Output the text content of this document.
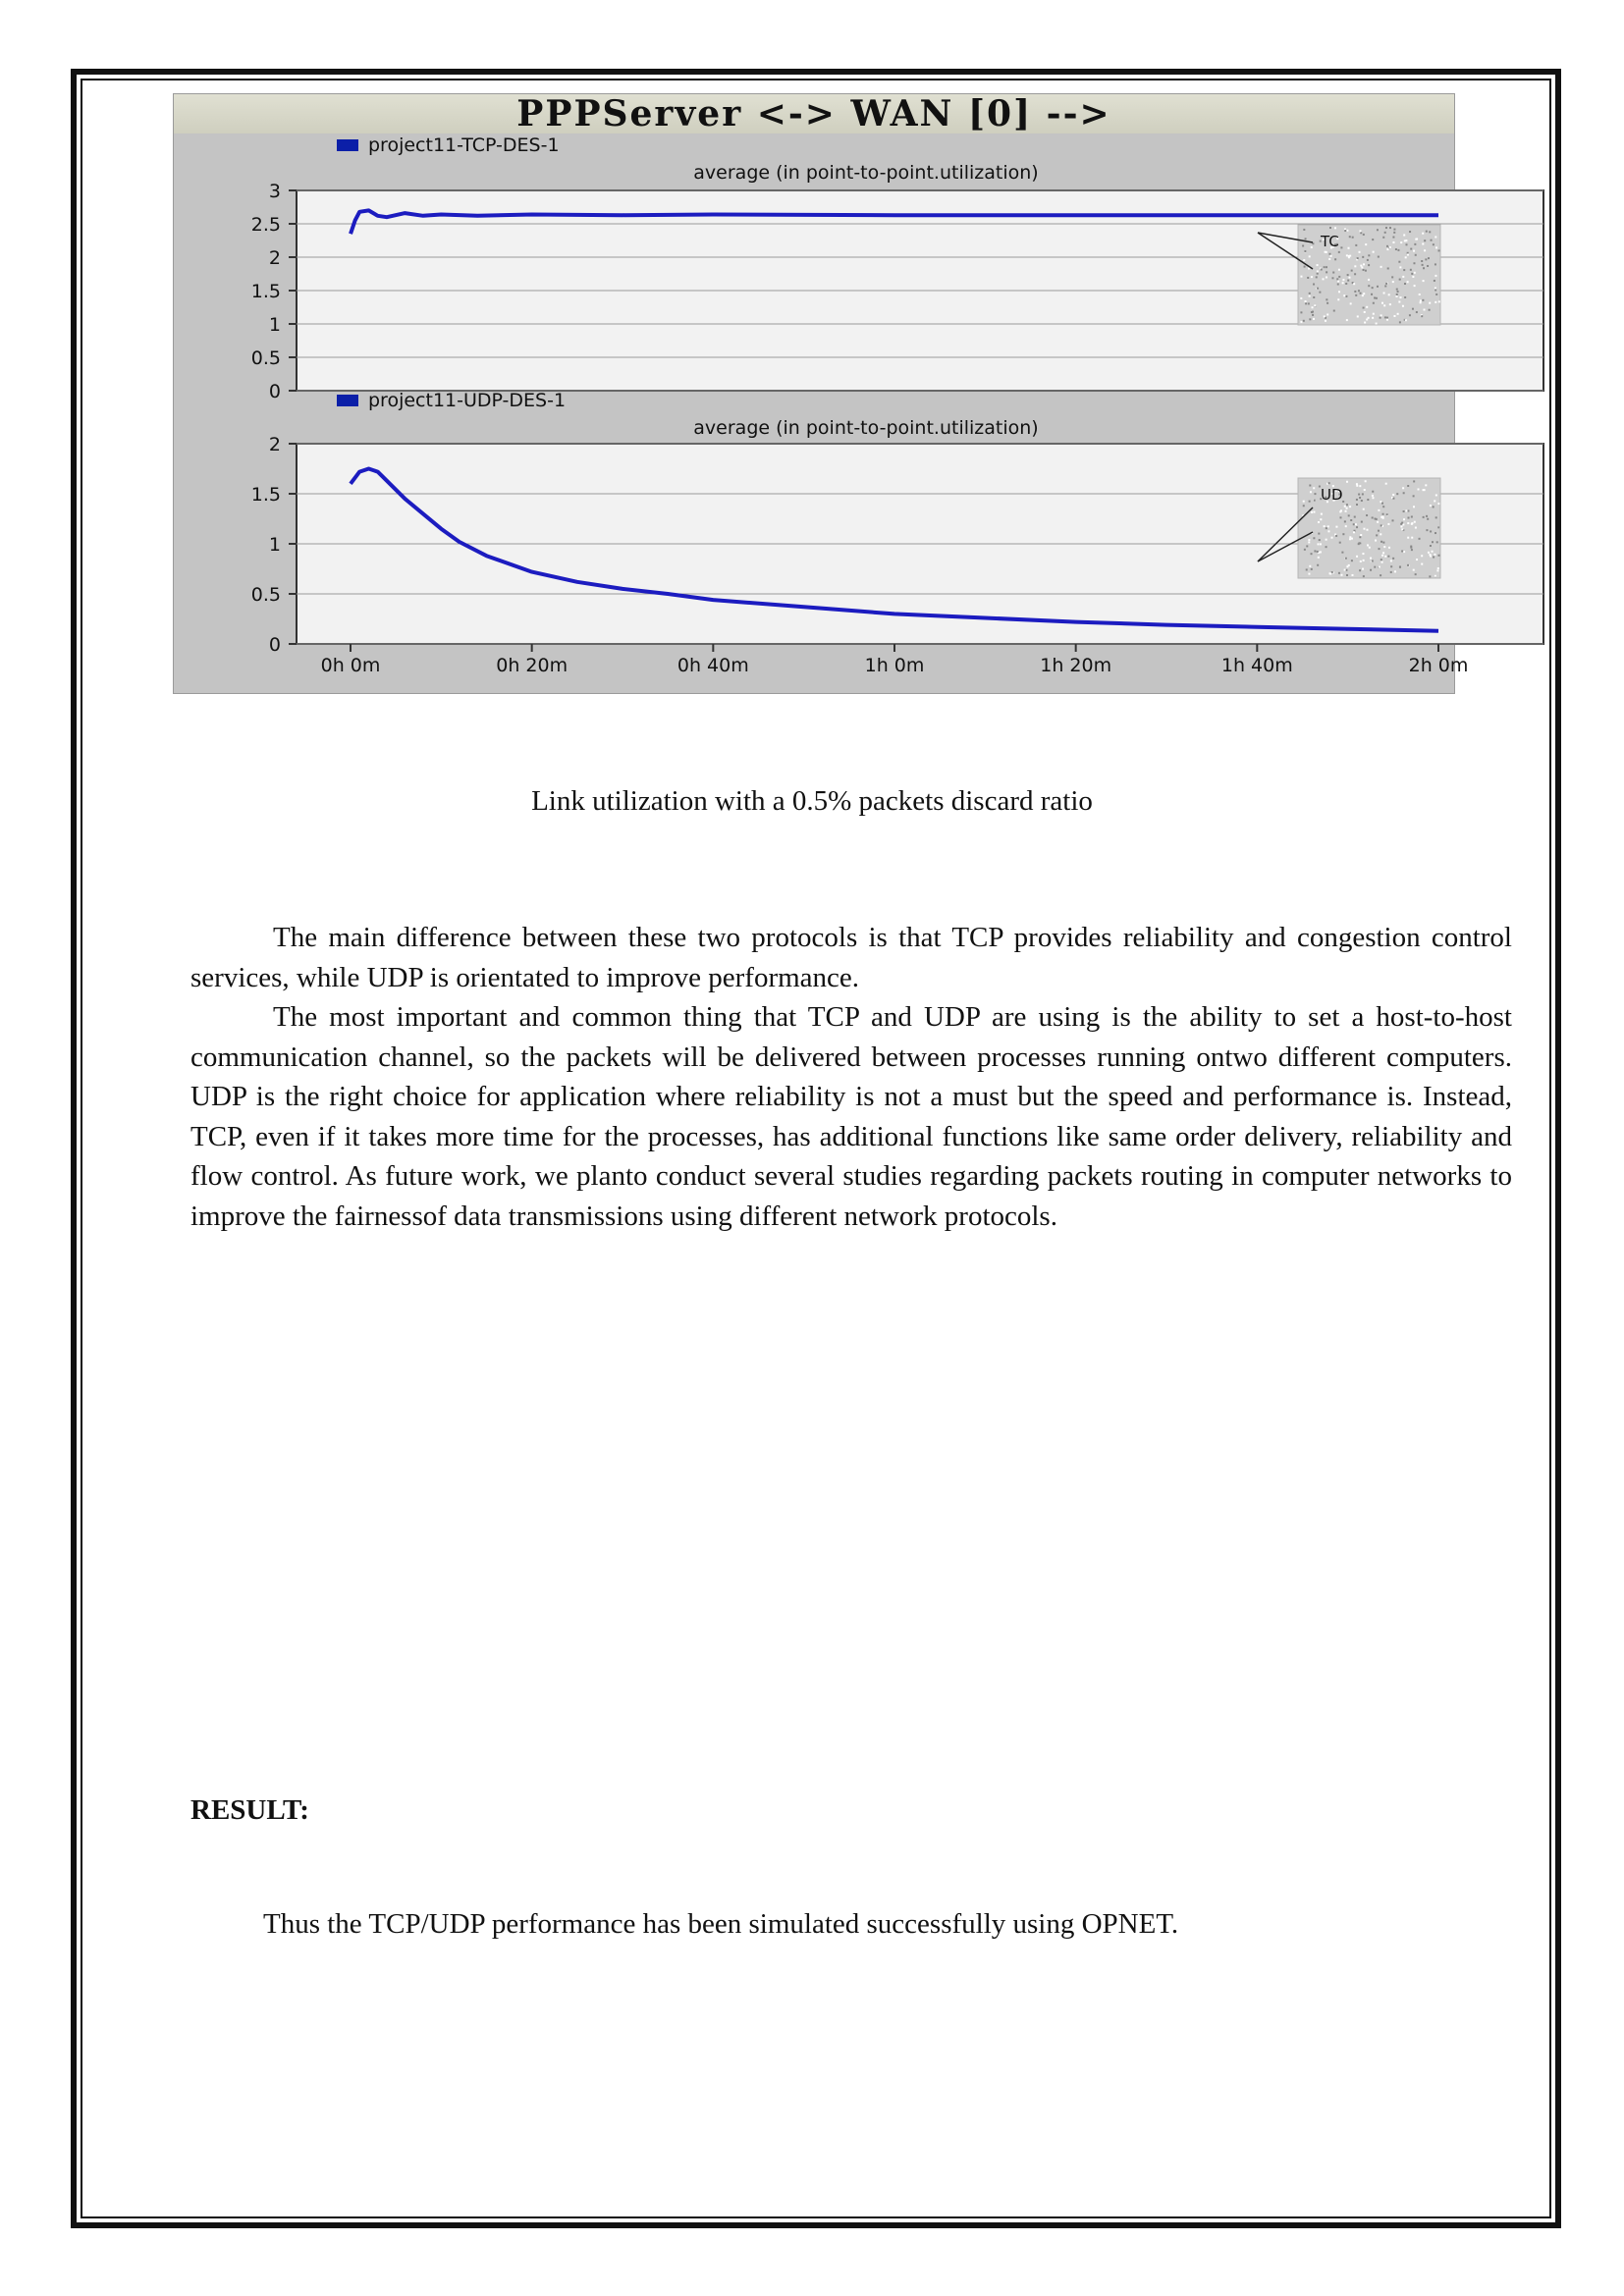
PPPServer <-> WAN [0] -->
0
0.5
1
1.5
2
2.5
3
project11-TCP-DES-1
average (in point-to-point.utilization)
TC
0
0.5
1
1.5
2
project11-UDP-DES-1
average (in point-to-point.utilization)
UD
0h 0m	0h 20m	0h 40m	1h 0m	1h 20m	1h 40m	2h 0m
Link utilization with a 0.5% packets discard ratio

The main difference between these two protocols is that TCP provides reliability and congestion control services, while UDP is orientated to improve performance.

The most important and common thing that TCP and UDP are using is the ability to set a host-to-host communication channel, so the packets will be delivered between processes running ontwo different computers. UDP is the right choice for application where reliability is not a must but the speed and performance is. Instead, TCP, even if it takes more time for the processes, has additional functions like same order delivery, reliability and flow control. As future work, we planto conduct several studies regarding packets routing in computer networks to improve the fairnessof data transmissions using different network protocols.

RESULT:
Thus the TCP/UDP performance has been simulated successfully using OPNET.
